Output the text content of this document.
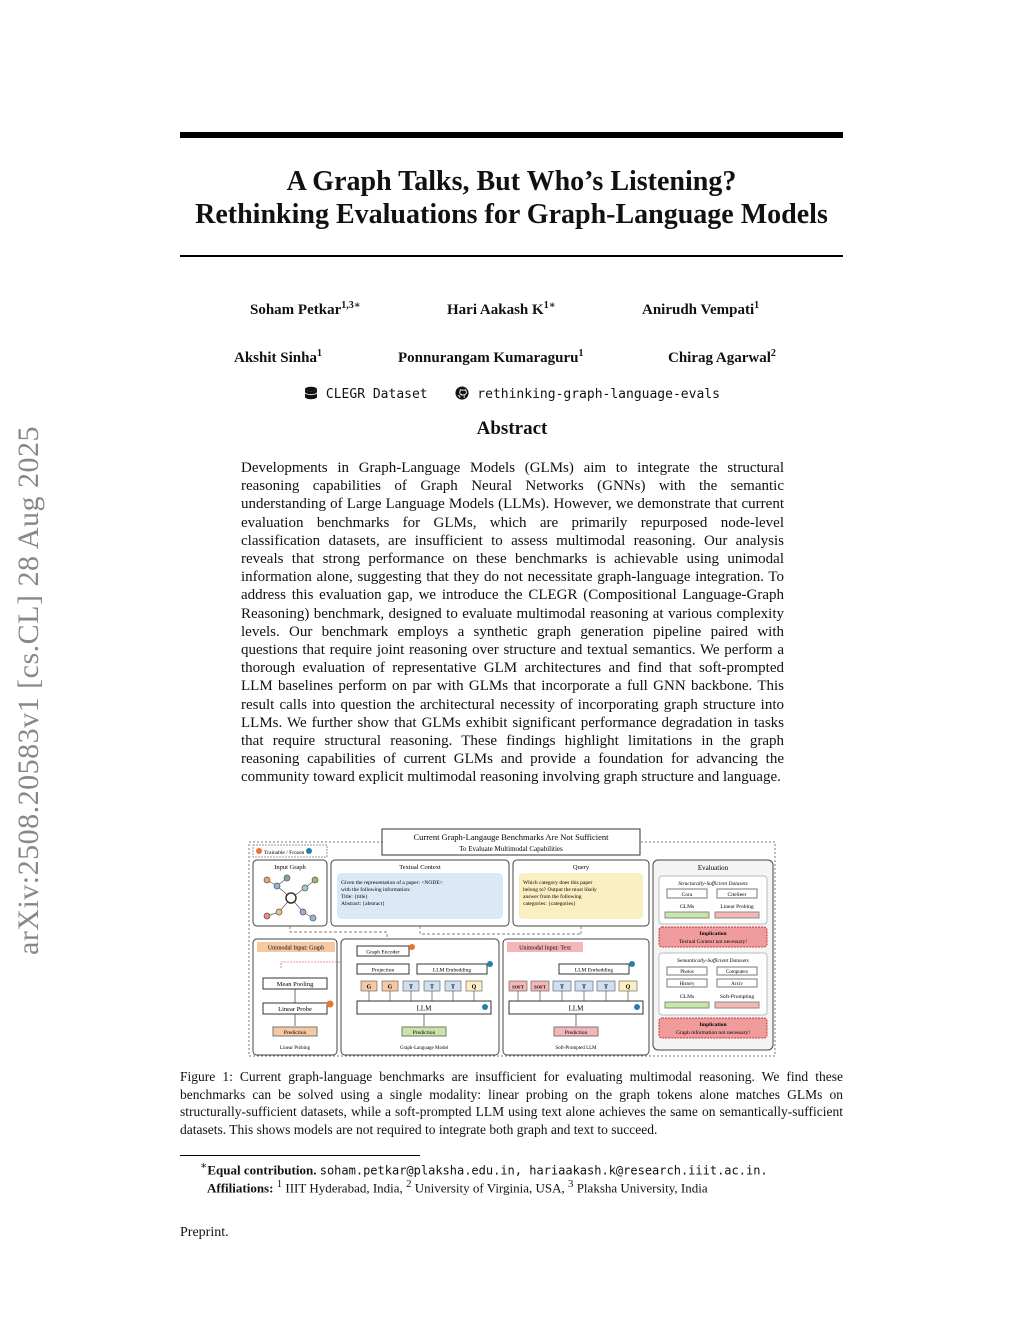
arXiv:2508.20583v1 [cs.CL] 28 Aug 2025
A Graph Talks, But Who’s Listening?
Rethinking Evaluations for Graph-Language Models
Soham Petkar$^{1,3∗}$	Hari Aakash $K^{1∗}$	Anirudh Vempati$^1$
Akshit Sinha$^1$	Ponnurangam Kumaraguru$^1$	Chirag Agarwal$^2$
CLEGR Dataset	rethinking-graph-language-evals
Abstract
Developments in Graph-Language Models (GLMs) aim to integrate the structural reasoning capabilities of Graph Neural Networks (GNNs) with the semantic understanding of Large Language Models (LLMs). However, we demonstrate that current evaluation benchmarks for GLMs, which are primarily repurposed node-level classification datasets, are insufficient to assess multimodal reasoning. Our analysis reveals that strong performance on these benchmarks is achievable using unimodal information alone, suggesting that they do not necessitate graph-language integration. To address this evaluation gap, we introduce the CLEGR (Compositional Language-Graph Reasoning) benchmark, designed to evaluate multimodal reasoning at various complexity levels. Our benchmark employs a synthetic graph generation pipeline paired with questions that require joint reasoning over structure and textual semantics. We perform a thorough evaluation of representative GLM architectures and find that soft-prompted LLM baselines perform on par with GLMs that incorporate a full GNN backbone. This result calls into question the architectural necessity of incorporating graph structure into LLMs. We further show that GLMs exhibit significant performance degradation in tasks that require structural reasoning. These findings highlight limitations in the graph reasoning capabilities of current GLMs and provide a foundation for advancing the community toward explicit multimodal reasoning involving graph structure and language.
Current Graph-Langauge Benchmarks Are Not Sufficient
To Evaluate Multimodal Capabilities
Trainable / Frozen
Input Graph	Textual Context
Given the representation of a paper: <NODE>
with the following information:
Title: {title}
Abstract: {abstract}
Query
Which category does this paper
belong to? Output the most likely
answer from the following
categories: {categories}
Evaluation
Structurally-Sufficient Datasets
Cora	CiteSeer
GLMs	Linear Probing
Implication
Textual Context not necessary!
Semantically-Sufficient Datasets
Photos	Computers
History	Arxiv
GLMs	Soft-Prompting
Implication
Graph information not necessary!
Unimodal Input: Graph
Mean Pooling
Linear Probe
Prediction
Linear Probing
Graph Encoder
Projection	LLM Embedding
G	G	T	T	T	Q
LLM
Prediction
Graph-Language Model
Unimodal Input: Text
LLM Embedding
SOFT SOFT T	T	T	Q
LLM
Prediction
Soft-Prompted LLM
Figure 1: Current graph-language benchmarks are insufficient for evaluating multimodal reasoning. We find these benchmarks can be solved using a single modality: linear probing on the graph tokens alone matches GLMs on structurally-sufficient datasets, while a soft-prompted LLM using text alone achieves the same on semantically-sufficient datasets. This shows models are not required to integrate both graph and text to succeed.
∗Equal contribution. soham.petkar@plaksha.edu.in, hariaakash.k@research.iiit.ac.in.
Affiliations: $^1$ IIIT Hyderabad, India, $^2$ University of Virginia, USA, $^3$ Plaksha University, India
Preprint.
